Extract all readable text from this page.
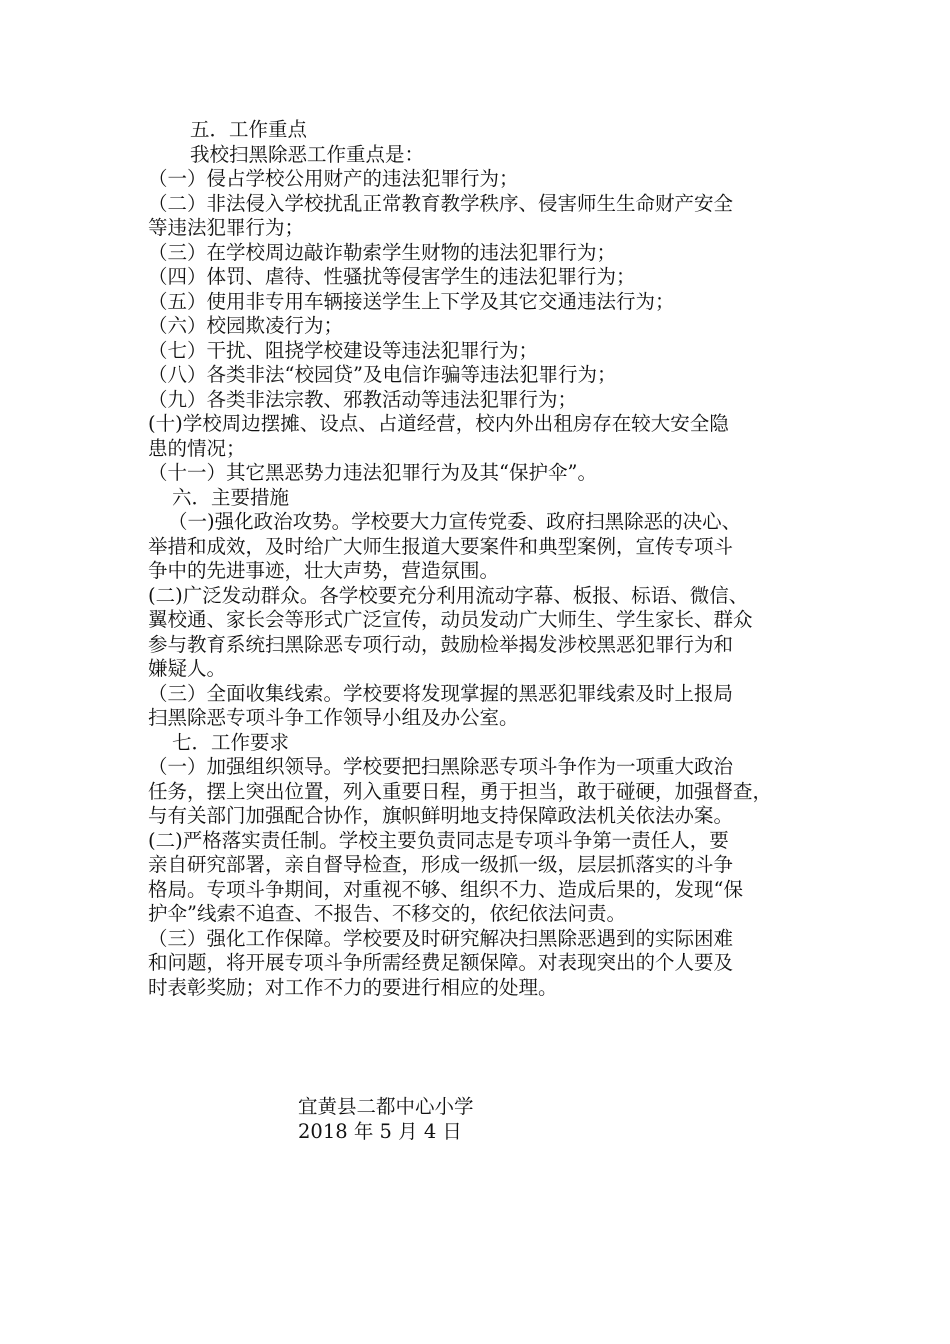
五．工作重点
我校扫黑除恶工作重点是：
（一）侵占学校公用财产的违法犯罪行为；
（二）非法侵入学校扰乱正常教育教学秩序、侵害师生生命财产安全
等违法犯罪行为；
（三）在学校周边敲诈勒索学生财物的违法犯罪行为；
（四）体罚、虐待、性骚扰等侵害学生的违法犯罪行为；
（五）使用非专用车辆接送学生上下学及其它交通违法行为；
（六）校园欺凌行为；
（七）干扰、阻挠学校建设等违法犯罪行为；
（八）各类非法“校园贷”及电信诈骗等违法犯罪行为；
（九）各类非法宗教、邪教活动等违法犯罪行为；
(十)学校周边摆摊、设点、占道经营，校内外出租房存在较大安全隐
患的情况；
（十一）其它黑恶势力违法犯罪行为及其“保护伞”。
六．主要措施
（一)强化政治攻势。学校要大力宣传党委、政府扫黑除恶的决心、
举措和成效，及时给广大师生报道大要案件和典型案例，宣传专项斗
争中的先进事迹，壮大声势，营造氛围。
(二)广泛发动群众。各学校要充分利用流动字幕、板报、标语、微信、
翼校通、家长会等形式广泛宣传，动员发动广大师生、学生家长、群众
参与教育系统扫黑除恶专项行动，鼓励检举揭发涉校黑恶犯罪行为和
嫌疑人。
（三）全面收集线索。学校要将发现掌握的黑恶犯罪线索及时上报局
扫黑除恶专项斗争工作领导小组及办公室。
七．工作要求
（一）加强组织领导。学校要把扫黑除恶专项斗争作为一项重大政治
任务，摆上突出位置，列入重要日程，勇于担当，敢于碰硬，加强督查，
与有关部门加强配合协作，旗帜鲜明地支持保障政法机关依法办案。
(二)严格落实责任制。学校主要负责同志是专项斗争第一责任人，要
亲自研究部署，亲自督导检查，形成一级抓一级，层层抓落实的斗争
格局。专项斗争期间，对重视不够、组织不力、造成后果的，发现“保
护伞”线索不追查、不报告、不移交的，依纪依法问责。
（三）强化工作保障。学校要及时研究解决扫黑除恶遇到的实际困难
和问题，将开展专项斗争所需经费足额保障。对表现突出的个人要及
时表彰奖励；对工作不力的要进行相应的处理。
宜黄县二都中心小学
2018 年 5 月 4 日
